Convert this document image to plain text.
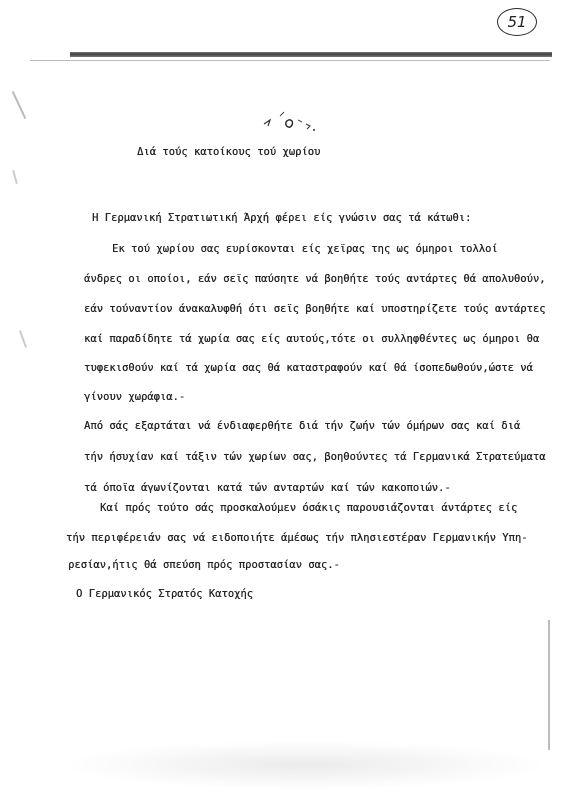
51
Διά τούς κατοίκους τού χωρίου
Η Γερμανική Στρατιωτική Άρχή φέρει είς γνώσιν σας τά κάτωθι:
Εκ τού χωρίου σας ευρίσκονται είς χεϊρας της ως όμηροι τολλοί
άνδρες οι οποίοι, εάν σεϊς παύσητε νά βοηθήτε τούς αντάρτες θά απολυθούν,
εάν τούναντίον άνακαλυφθή ότι σεϊς βοηθήτε καί υποστηρίζετε τούς αντάρτες
καί παραδίδητε τά χωρία σας είς αυτούς,τότε οι συλληφθέντες ως όμηροι θα
τυφεκισθούν καί τά χωρία σας θά καταστραφούν καί θά ίσοπεδωθούν,ώστε νά
γίνουν χωράφια.-
Από σάς εξαρτάται νά ένδιαφερθήτε διά τήν ζωήν τών όμήρων σας καί διά
τήν ήσυχίαν καί τάξιν τών χωρίων σας, βοηθούντες τά Γερμανικά Στρατεύματα
τά όποϊα άγωνίζονται κατά τών ανταρτών καί τών κακοποιών.-
Καί πρός τούτο σάς προσκαλούμεν όσάκις παρουσιάζονται άντάρτες είς
τήν περιφέρειάν σας νά ειδοποιήτε άμέσως τήν πλησιεστέραν Γερμανικήν Υπη-
ρεσίαν,ήτις θά σπεύση πρός προστασίαν σας.-
Ο Γερμανικός Στρατός Κατοχής
